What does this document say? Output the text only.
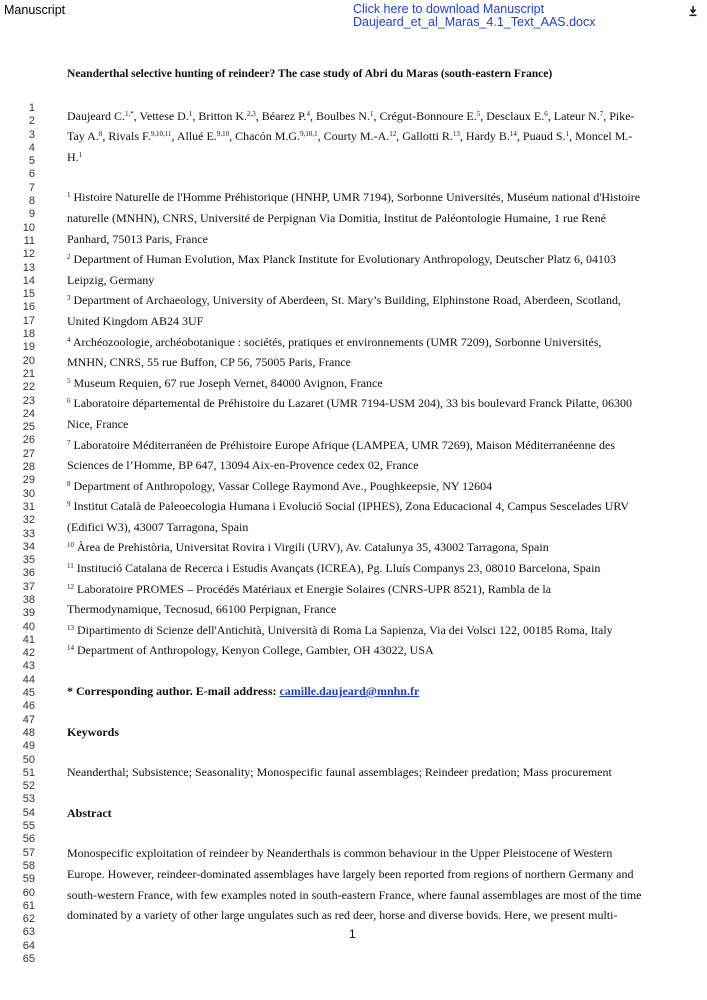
Manuscript	Click here to download Manuscript
Daujeard_et_al_Maras_4.1_Text_AAS.docx
1
2
3
4
5
6
7
8
9
10
11
12
13
14
15
16
17
18
19
20
21
22
23
24
25
26
27
28
29
30
31
32
33
34
35
36
37
38
39
40
41
42
43
44
45
46
47
48
49
50
51
52
53
54
55
56
57
58
59
60
61
62
63
64
65
Neanderthal selective hunting of reindeer? The case study of Abri du Maras (south-eastern France)

Daujeard C.$^{1,*}$, Vettese D.$^1$, Britton K.$^{2,3}$, Béarez P.$^4$, Boulbes N.$^1$, Crégut-Bonnoure E.$^5$, Desclaux E.$^6$, Lateur N.$^7$, Pike-Tay A.$^8$, Rivals F.$^{9,10,11}$, Allué E.$^{9,10}$, Chacón M.G.$^{9,10,1}$, Courty M.-A.$^{12}$, Gallotti R.$^{13}$, Hardy B.$^{14}$, Puaud S.$^1$, Moncel M.-H.$^1$

$^1$ Histoire Naturelle de l'Homme Préhistorique (HNHP, UMR 7194), Sorbonne Universités, Muséum national d'Histoire naturelle (MNHN), CNRS, Université de Perpignan Via Domitia, Institut de Paléontologie Humaine, 1 rue René Panhard, 75013 Paris, France

$^2$ Department of Human Evolution, Max Planck Institute for Evolutionary Anthropology, Deutscher Platz 6, 04103 Leipzig, Germany

$^3$ Department of Archaeology, University of Aberdeen, St. Mary’s Building, Elphinstone Road, Aberdeen, Scotland, United Kingdom AB24 3UF

$^4$ Archéozoologie, archéobotanique : sociétés, pratiques et environnements (UMR 7209), Sorbonne Universités, MNHN, CNRS, 55 rue Buffon, CP 56, 75005 Paris, France

$^5$ Museum Requien, 67 rue Joseph Vernet, 84000 Avignon, France

$^6$ Laboratoire départemental de Préhistoire du Lazaret (UMR 7194-USM 204), 33 bis boulevard Franck Pilatte, 06300 Nice, France

$^7$ Laboratoire Méditerranéen de Préhistoire Europe Afrique (LAMPEA, UMR 7269), Maison Méditerranéenne des Sciences de l’Homme, BP 647, 13094 Aix-en-Provence cedex 02, France

$^8$ Department of Anthropology, Vassar College Raymond Ave., Poughkeepsie, NY 12604

$^9$ Institut Català de Paleoecologia Humana i Evolució Social (IPHES), Zona Educacional 4, Campus Sescelades URV (Edifici W3), 43007 Tarragona, Spain

$^{10}$ Àrea de Prehistòria, Universitat Rovira i Virgili (URV), Av. Catalunya 35, 43002 Tarragona, Spain

$^{11}$ Institució Catalana de Recerca i Estudis Avançats (ICREA), Pg. Lluís Companys 23, 08010 Barcelona, Spain

$^{12}$ Laboratoire PROMES – Procédés Matériaux et Energie Solaires (CNRS-UPR 8521), Rambla de la Thermodynamique, Tecnosud, 66100 Perpignan, France

$^{13}$ Dipartimento di Scienze dell'Antichità, Università di Roma La Sapienza, Via dei Volsci 122, 00185 Roma, Italy

$^{14}$ Department of Anthropology, Kenyon College, Gambier, OH 43022, USA

* Corresponding author. E-mail address: camille.daujeard@mnhn.fr
Keywords
Neanderthal; Subsistence; Seasonality; Monospecific faunal assemblages; Reindeer predation; Mass procurement
Abstract
Monospecific exploitation of reindeer by Neanderthals is common behaviour in the Upper Pleistocene of Western Europe. However, reindeer-dominated assemblages have largely been reported from regions of northern Germany and south-western France, with few examples noted in south-eastern France, where faunal assemblages are most of the time dominated by a variety of other large ungulates such as red deer, horse and diverse bovids. Here, we present multi-
1
